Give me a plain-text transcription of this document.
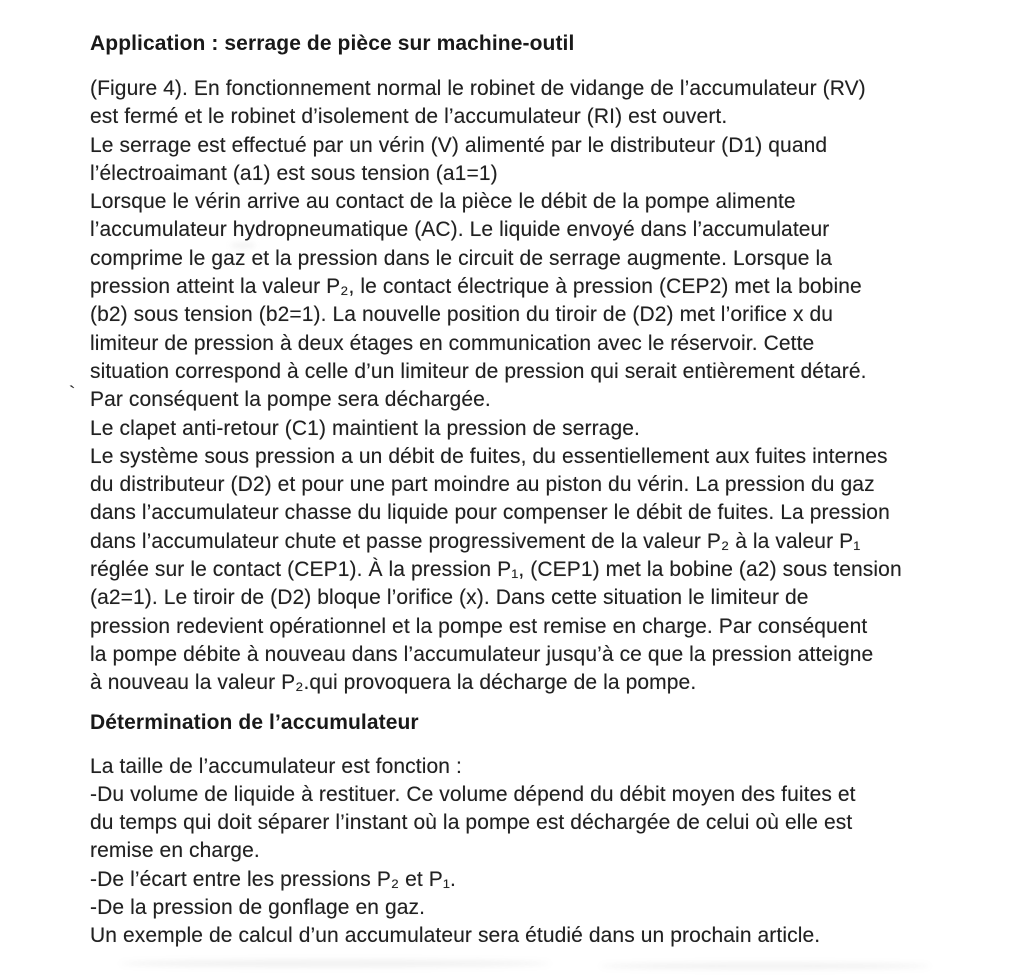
`
Application : serrage de pièce sur machine-outil
(Figure 4). En fonctionnement normal le robinet de vidange de l’accumulateur (RV)
est fermé et le robinet d’isolement de l’accumulateur (RI) est ouvert.
Le serrage est effectué par un vérin (V) alimenté par le distributeur (D1) quand
l’électroaimant (a1) est sous tension (a1=1)
Lorsque le vérin arrive au contact de la pièce le débit de la pompe alimente
l’accumulateur hydropneumatique (AC). Le liquide envoyé dans l’accumulateur
comprime le gaz et la pression dans le circuit de serrage augmente. Lorsque la
pression atteint la valeur P₂, le contact électrique à pression (CEP2) met la bobine
(b2) sous tension (b2=1). La nouvelle position du tiroir de (D2) met l’orifice x du
limiteur de pression à deux étages en communication avec le réservoir. Cette
situation correspond à celle d’un limiteur de pression qui serait entièrement détaré.
Par conséquent la pompe sera déchargée.
Le clapet anti-retour (C1) maintient la pression de serrage.
Le système sous pression a un débit de fuites, du essentiellement aux fuites internes
du distributeur (D2) et pour une part moindre au piston du vérin. La pression du gaz
dans l’accumulateur chasse du liquide pour compenser le débit de fuites. La pression
dans l’accumulateur chute et passe progressivement de la valeur P₂ à la valeur P₁
réglée sur le contact (CEP1). À la pression P₁, (CEP1) met la bobine (a2) sous tension
(a2=1). Le tiroir de (D2) bloque l’orifice (x). Dans cette situation le limiteur de
pression redevient opérationnel et la pompe est remise en charge. Par conséquent
la pompe débite à nouveau dans l’accumulateur jusqu’à ce que la pression atteigne
à nouveau la valeur P₂.qui provoquera la décharge de la pompe.
Détermination de l’accumulateur
La taille de l’accumulateur est fonction :
-Du volume de liquide à restituer. Ce volume dépend du débit moyen des fuites et
du temps qui doit séparer l’instant où la pompe est déchargée de celui où elle est
remise en charge.
-De l’écart entre les pressions P₂ et P₁.
-De la pression de gonflage en gaz.
Un exemple de calcul d’un accumulateur sera étudié dans un prochain article.
